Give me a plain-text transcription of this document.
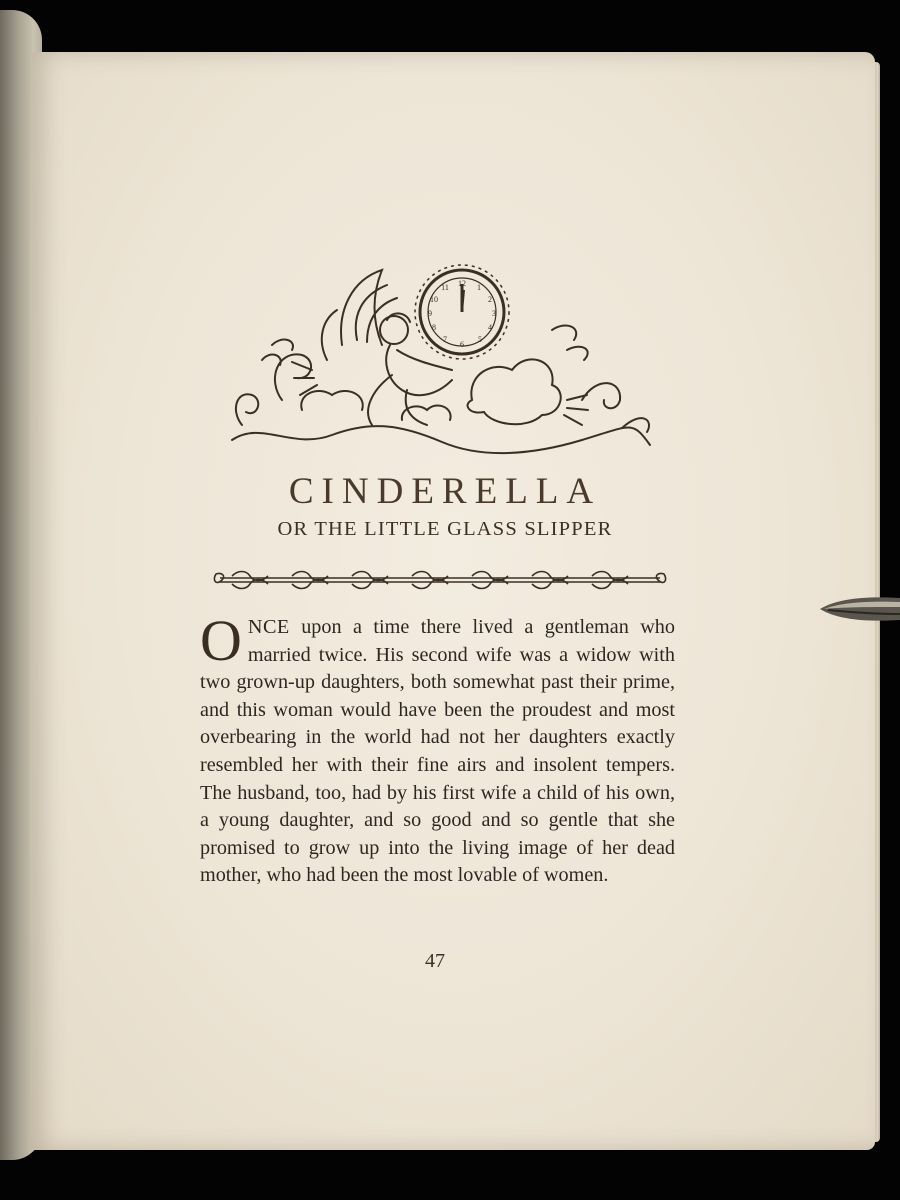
12 1
2
3
4
5
6
7
8
9
10
11
CINDERELLA
OR THE LITTLE GLASS SLIPPER

ONCE upon a time there lived a gentleman who married twice. His second wife was a widow with two grown-up daughters, both somewhat past their prime, and this woman would have been the proudest and most overbearing in the world had not her daughters exactly resembled her with their fine airs and insolent tempers. The husband, too, had by his first wife a child of his own, a young daughter, and so good and so gentle that she promised to grow up into the living image of her dead mother, who had been the most lovable of women.

47
